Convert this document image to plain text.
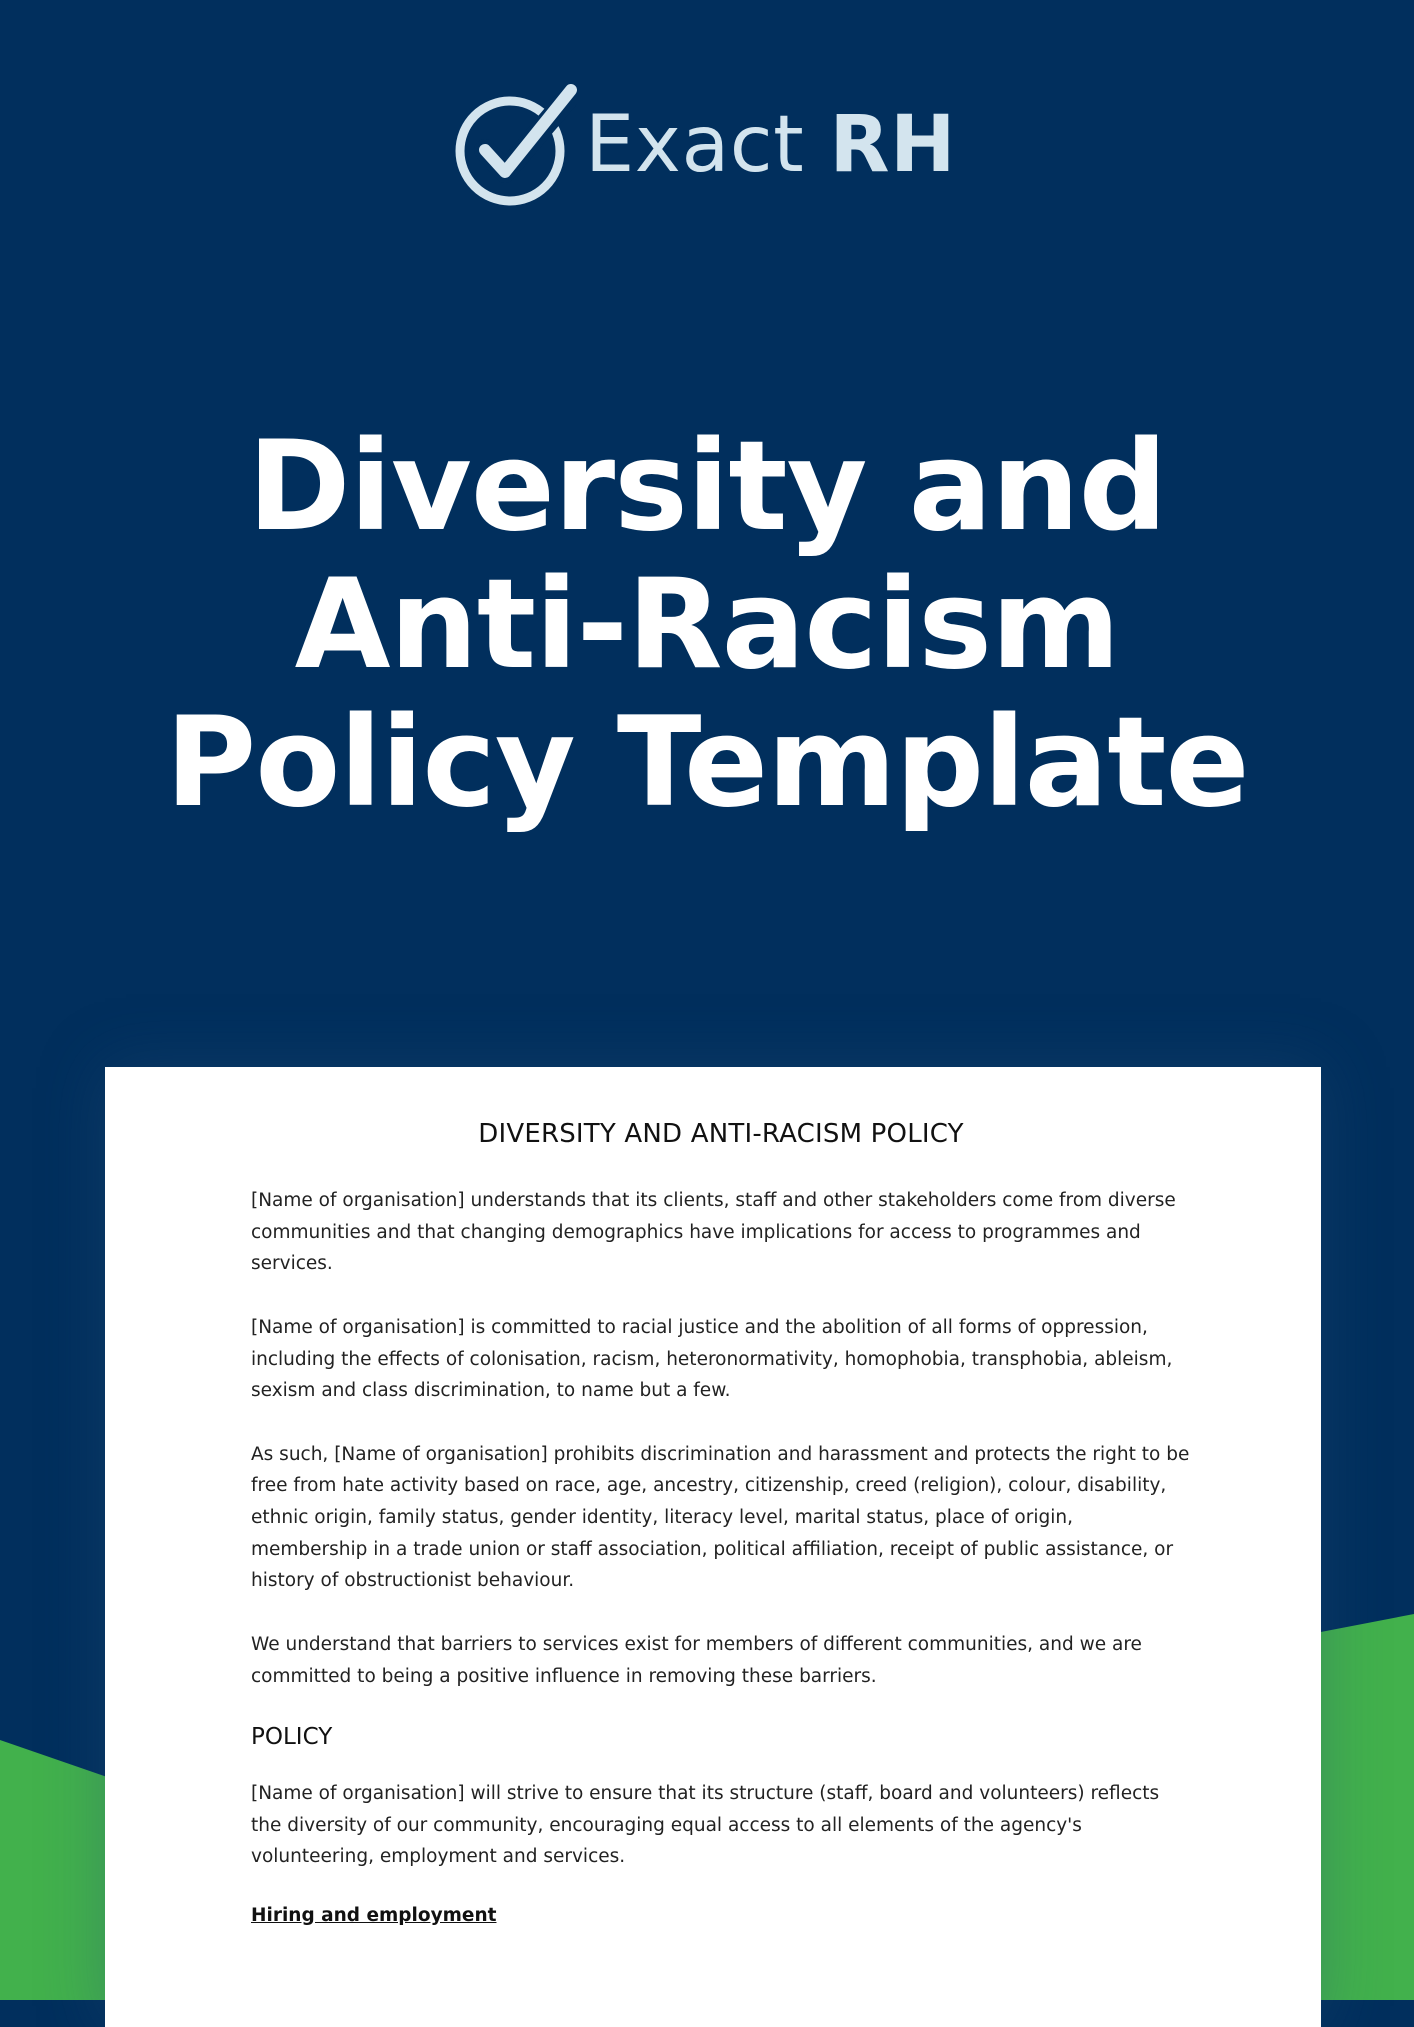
Exact RH
Diversity and
Anti-Racism
Policy Template
DIVERSITY AND ANTI-RACISM POLICY

[Name of organisation] understands that its clients, staff and other stakeholders come from diverse communities and that changing demographics have implications for access to programmes and services.

[Name of organisation] is committed to racial justice and the abolition of all forms of oppression, including the effects of colonisation, racism, heteronormativity, homophobia, transphobia, ableism, sexism and class discrimination, to name but a few.

As such, [Name of organisation] prohibits discrimination and harassment and protects the right to be free from hate activity based on race, age, ancestry, citizenship, creed (religion), colour, disability, ethnic origin, family status, gender identity, literacy level, marital status, place of origin, membership in a trade union or staff association, political affiliation, receipt of public assistance, or history of obstructionist behaviour.

We understand that barriers to services exist for members of different communities, and we are committed to being a positive influence in removing these barriers.

POLICY

[Name of organisation] will strive to ensure that its structure (staff, board and volunteers) reflects the diversity of our community, encouraging equal access to all elements of the agency's volunteering, employment and services.

Hiring and employment
